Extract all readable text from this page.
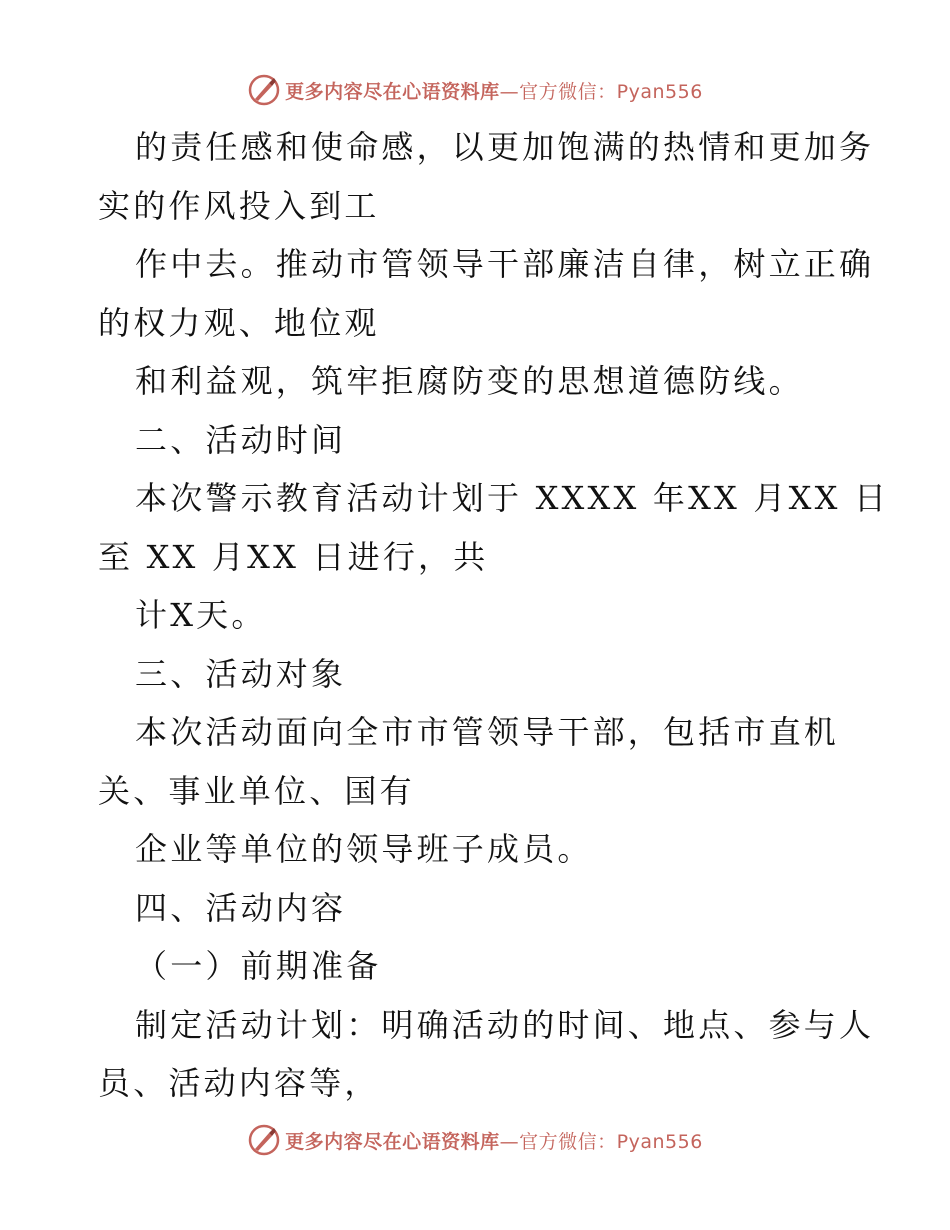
更多内容尽在心语资料库—官方微信：Pyan556
的责任感和使命感，以更加饱满的热情和更加务
实的作风投入到工
作中去。推动市管领导干部廉洁自律，树立正确
的权力观、地位观
和利益观，筑牢拒腐防变的思想道德防线。
二、活动时间
本次警示教育活动计划于 XXXX 年XX 月XX 日
至 XX 月XX 日进行，共
计X天。
三、活动对象
本次活动面向全市市管领导干部，包括市直机
关、事业单位、国有
企业等单位的领导班子成员。
四、活动内容
（一）前期准备
制定活动计划：明确活动的时间、地点、参与人
员、活动内容等，
更多内容尽在心语资料库—官方微信：Pyan556
